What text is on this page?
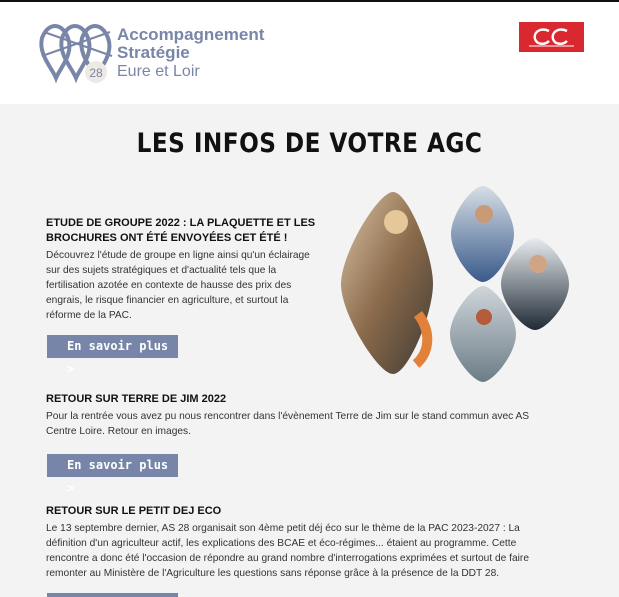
28
Accompagnement
Stratégie
Eure et Loir
LES INFOS DE VOTRE AGC
ETUDE DE GROUPE 2022 : LA PLAQUETTE ET LES
BROCHURES ONT ÉTÉ ENVOYÉES CET ÉTÉ !
Découvrez l'étude de groupe en ligne ainsi qu'un éclairage
sur des sujets stratégiques et d'actualité tels que la
fertilisation azotée en contexte de hausse des prix des
engrais, le risque financier en agriculture, et surtout la
réforme de la PAC.
En savoir plus >
RETOUR SUR TERRE DE JIM 2022
Pour la rentrée vous avez pu nous rencontrer dans l'évènement Terre de Jim sur le stand commun avec AS
Centre Loire. Retour en images.
En savoir plus >
RETOUR SUR LE PETIT DEJ ECO
Le 13 septembre dernier, AS 28 organisait son 4ème petit déj éco sur le thème de la PAC 2023-2027 : La
définition d'un agriculteur actif, les explications des BCAE et éco-régimes... étaient au programme. Cette
rencontre a donc été l'occasion de répondre au grand nombre d'interrogations exprimées et surtout de faire
remonter au Ministère de l'Agriculture les questions sans réponse grâce à la présence de la DDT 28.
